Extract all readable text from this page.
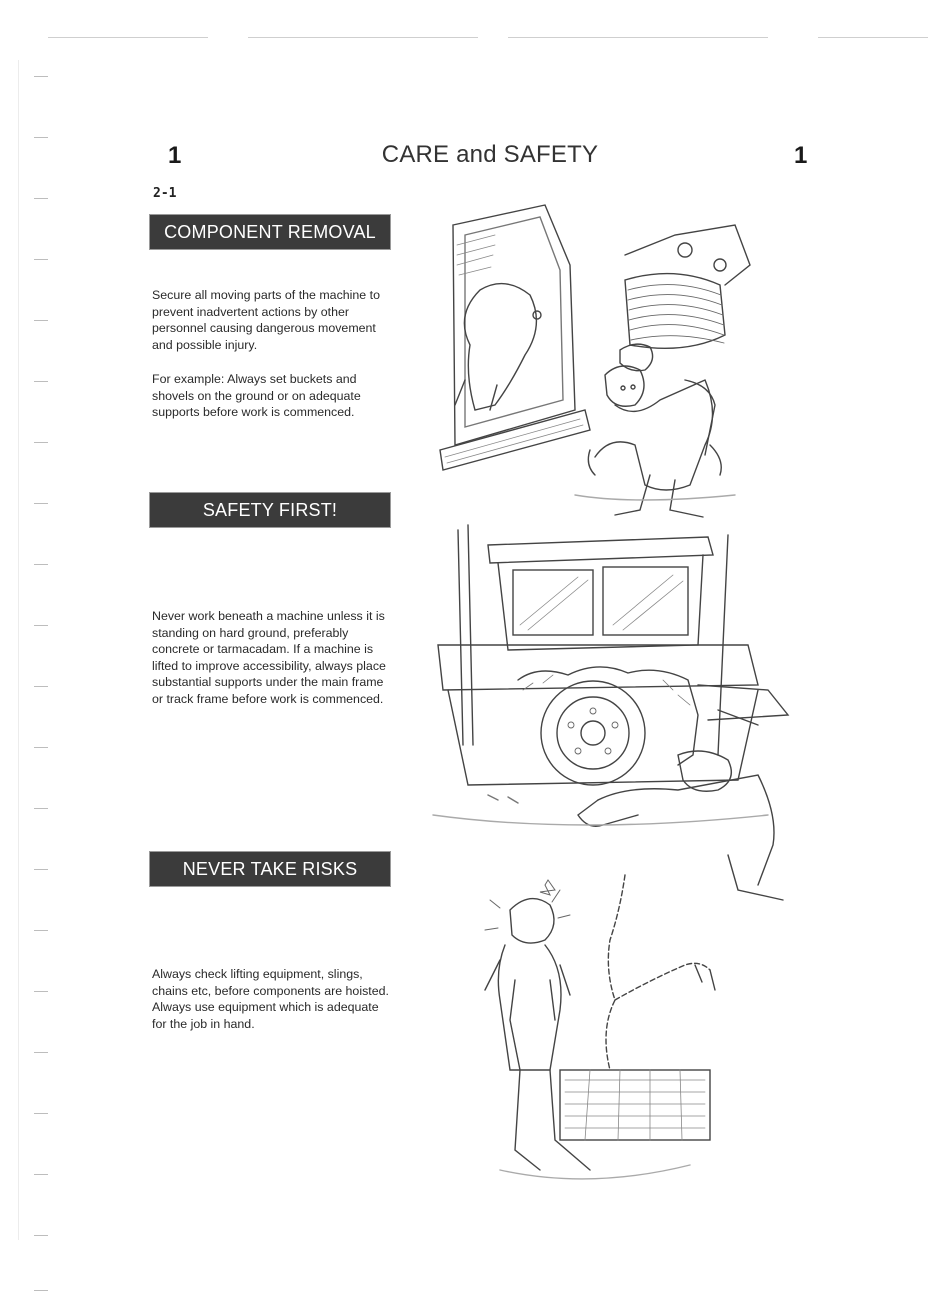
1	CARE and SAFETY	1
2-1
COMPONENT REMOVAL

Secure all moving parts of the machine to prevent inadvertent actions by other personnel causing dangerous movement and possible injury.

For example: Always set buckets and shovels on the ground or on adequate supports before work is commenced.

SAFETY FIRST!

Never work beneath a machine unless it is standing on hard ground, preferably concrete or tarmacadam. If a machine is lifted to improve accessibility, always place substantial supports under the main frame or track frame before work is commenced.

NEVER TAKE RISKS

Always check lifting equipment, slings, chains etc, before components are hoisted. Always use equipment which is adequate for the job in hand.
